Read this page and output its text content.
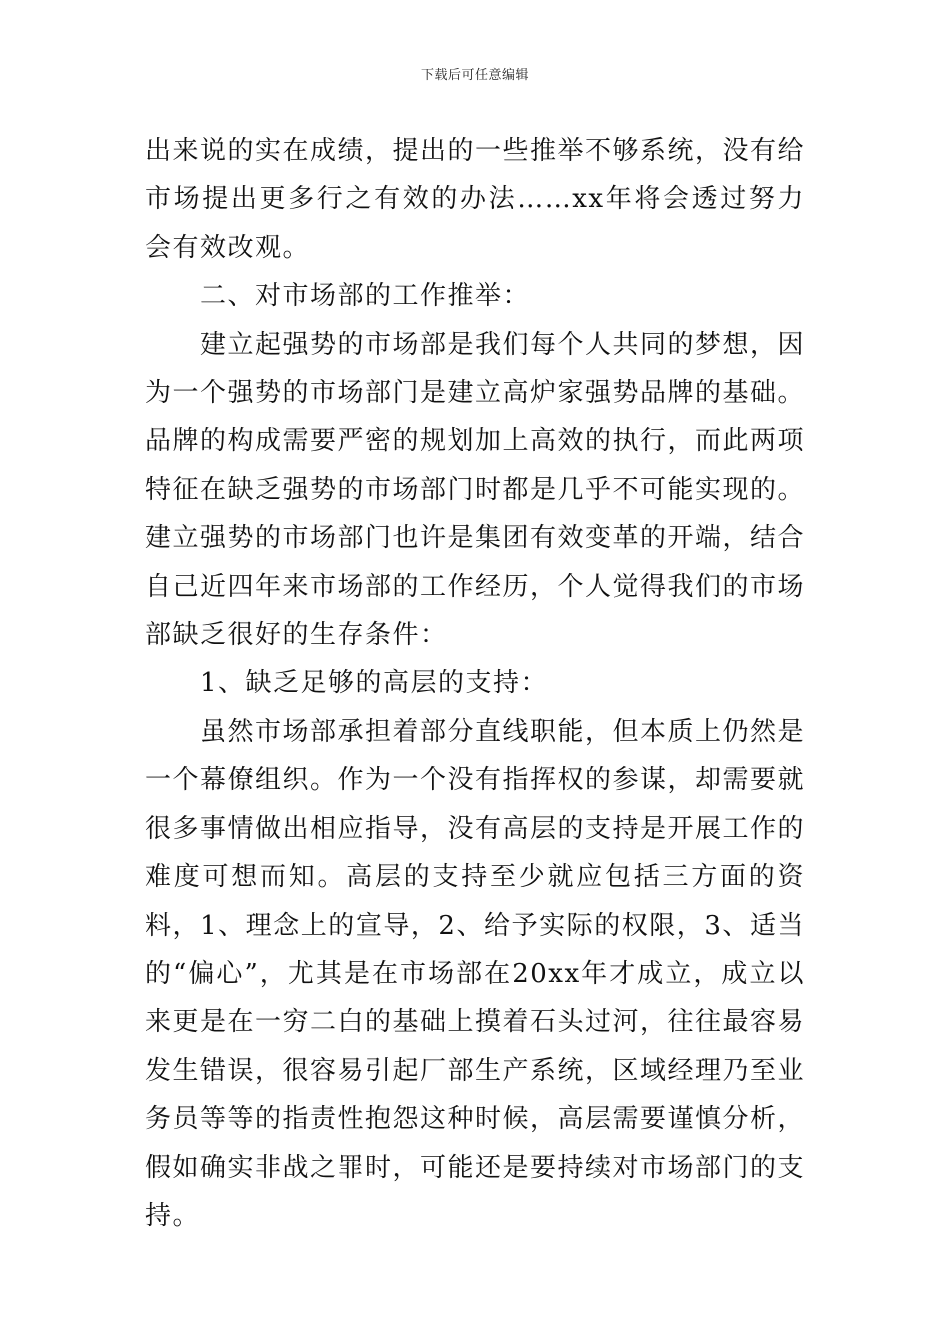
下载后可任意编辑

出来说的实在成绩，提出的一些推举不够系统，没有给市场提出更多行之有效的办法……xx年将会透过努力会有效改观。

二、对市场部的工作推举：

建立起强势的市场部是我们每个人共同的梦想，因为一个强势的市场部门是建立高炉家强势品牌的基础。品牌的构成需要严密的规划加上高效的执行，而此两项特征在缺乏强势的市场部门时都是几乎不可能实现的。建立强势的市场部门也许是集团有效变革的开端，结合自己近四年来市场部的工作经历，个人觉得我们的市场部缺乏很好的生存条件：

1、缺乏足够的高层的支持：

虽然市场部承担着部分直线职能，但本质上仍然是一个幕僚组织。作为一个没有指挥权的参谋，却需要就很多事情做出相应指导，没有高层的支持是开展工作的难度可想而知。高层的支持至少就应包括三方面的资料，1、理念上的宣导，2、给予实际的权限，3、适当的“偏心”，尤其是在市场部在20xx年才成立，成立以来更是在一穷二白的基础上摸着石头过河，往往最容易发生错误，很容易引起厂部生产系统，区域经理乃至业务员等等的指责性抱怨这种时候，高层需要谨慎分析，假如确实非战之罪时，可能还是要持续对市场部门的支持。
